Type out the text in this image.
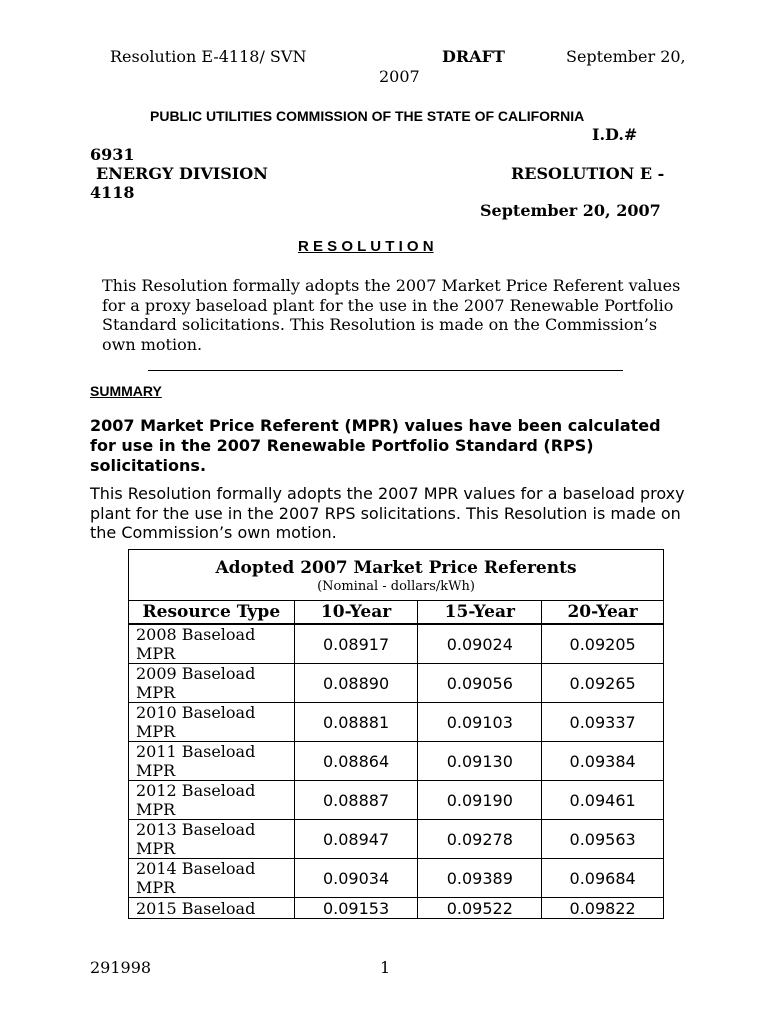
Resolution E-4118/ SVN	DRAFT	September 20,
2007
PUBLIC UTILITIES COMMISSION OF THE STATE OF CALIFORNIA
I.D.#
6931
ENERGY DIVISION	RESOLUTION E -
4118
September 20, 2007
R E S O L U T I O N
This Resolution formally adopts the 2007 Market Price Referent values for a proxy baseload plant for the use in the 2007 Renewable Portfolio Standard solicitations. This Resolution is made on the Commission’s own motion.
SUMMARY
2007 Market Price Referent (MPR) values have been calculated for use in the 2007 Renewable Portfolio Standard (RPS) solicitations.
This Resolution formally adopts the 2007 MPR values for a baseload proxy plant for the use in the 2007 RPS solicitations. This Resolution is made on the Commission’s own motion.
Adopted 2007 Market Price Referents
(Nominal - dollars/kWh)			

Resource Type	10-Year	15-Year	20-Year
2008 Baseload MPR	0.08917	0.09024	0.09205
2009 Baseload MPR	0.08890	0.09056	0.09265
2010 Baseload MPR	0.08881	0.09103	0.09337
2011 Baseload MPR	0.08864	0.09130	0.09384
2012 Baseload MPR	0.08887	0.09190	0.09461
2013 Baseload MPR	0.08947	0.09278	0.09563
2014 Baseload MPR	0.09034	0.09389	0.09684
2015 Baseload	0.09153	0.09522	0.09822
291998	1
